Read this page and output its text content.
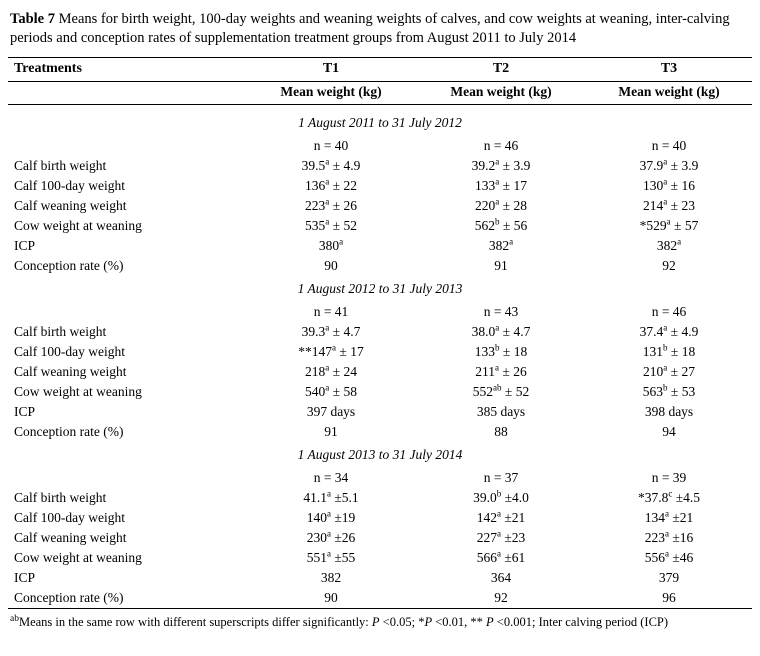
Table 7 Means for birth weight, 100-day weights and weaning weights of calves, and cow weights at weaning, inter-calving periods and conception rates of supplementation treatment groups from August 2011 to July 2014
Treatments	T1	T2	T3
	Mean weight (kg)	Mean weight (kg)	Mean weight (kg)

1 August 2011 to 31 July 2012			
	n = 40	n = 46	n = 40
Calf birth weight	39.5$^a$ ± 4.9	39.2$^a$ ± 3.9	37.9$^a$ ± 3.9
Calf 100-day weight	$136^a \pm 22$	$133^a \pm 17$	$130^a \pm 16$
Calf weaning weight	$223^a \pm 26$	$220^a \pm 28$	$214^a \pm 23$
Cow weight at weaning	$535^a \pm 52$	$562^b \pm 56$	$*529^a \pm 57$
ICP	380$^a$	382$^a$	382$^a$
Conception rate (%)	90	91	92
1 August 2012 to 31 July 2013			
	n = 41	n = 43	n = 46
Calf birth weight	39.3$^a$ ± 4.7	38.0$^a$ ± 4.7	37.4$^a$ ± 4.9
Calf 100-day weight	$**147^a \pm 17$	$133^b \pm 18$	$131^b \pm 18$
Calf weaning weight	$218^a \pm 24$	$211^a \pm 26$	$210^a \pm 27$
Cow weight at weaning	$540^a \pm 58$	$552^{ab} \pm 52$	$563^b \pm 53$
ICP	397 days	385 days	398 days
Conception rate (%)	91	88	94
1 August 2013 to 31 July 2014			
	n = 34	n = 37	n = 39
Calf birth weight	41.1$^a$ ±5.1	39.0$^b$ ±4.0	*37.8$^c$ ±4.5
Calf 100-day weight	$140^a \pm 19$	$142^a \pm 21$	$134^a \pm 21$
Calf weaning weight	$230^a \pm 26$	$227^a \pm 23$	$223^a \pm 16$
Cow weight at weaning	$551^a \pm 55$	$566^a \pm 61$	$556^a \pm 46$
ICP	382	364	379
Conception rate (%)	90	92	96
$^{ab}$Means in the same row with different superscripts differ significantly: P <0.05; *P <0.01, ** P <0.001; Inter calving period (ICP)
